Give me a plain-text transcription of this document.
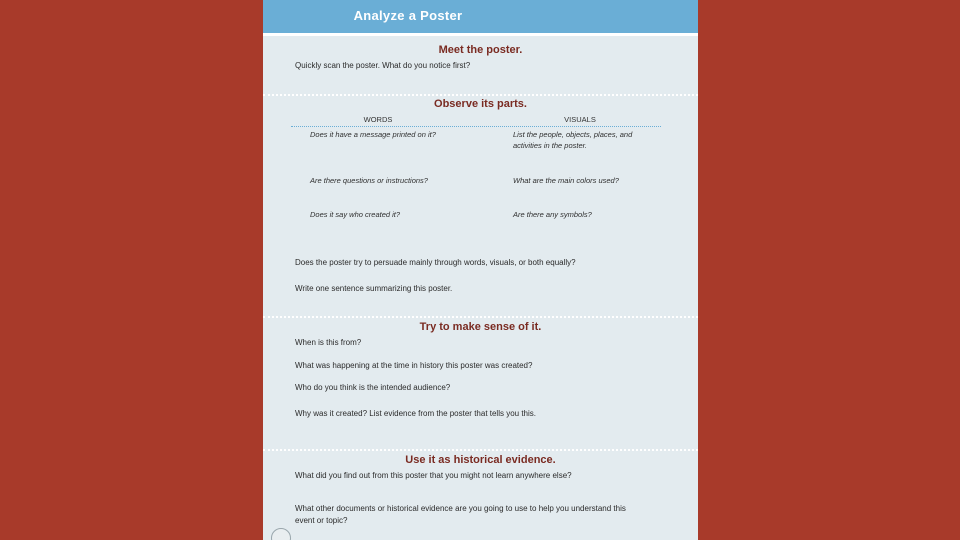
Analyze a Poster
Meet the poster.
Quickly scan the poster. What do you notice first?
Observe its parts.
WORDS	VISUALS
Does it have a message printed on it?	List the people, objects, places, and
activities in the poster.
Are there questions or instructions?	What are the main colors used?
Does it say who created it?	Are there any symbols?
Does the poster try to persuade mainly through words, visuals, or both equally?
Write one sentence summarizing this poster.
Try to make sense of it.
When is this from?
What was happening at the time in history this poster was created?
Who do you think is the intended audience?
Why was it created? List evidence from the poster that tells you this.
Use it as historical evidence.
What did you find out from this poster that you might not learn anywhere else?
What other documents or historical evidence are you going to use to help you understand this
event or topic?
